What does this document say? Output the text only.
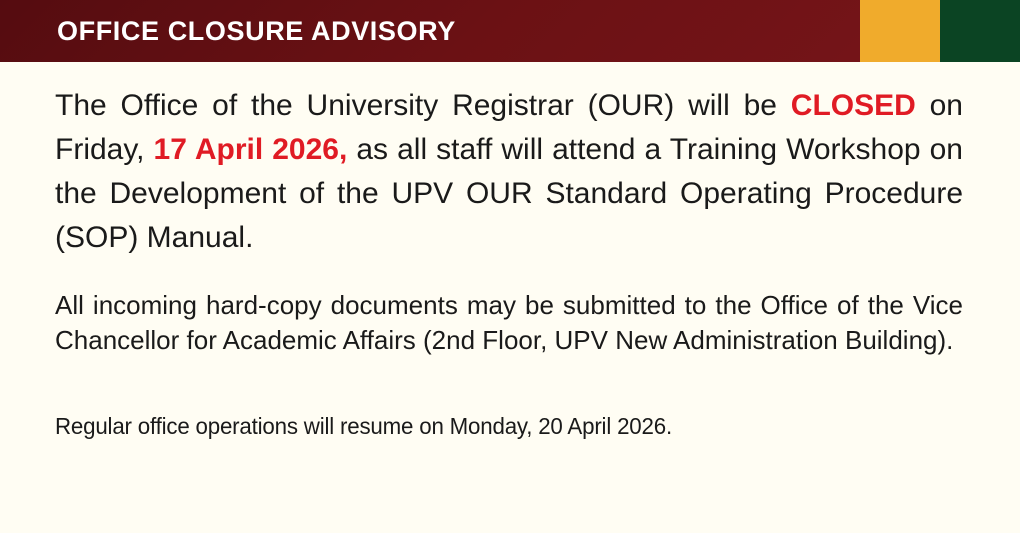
OFFICE CLOSURE ADVISORY

The Office of the University Registrar (OUR) will be CLOSED on Friday, 17 April 2026, as all staff will attend a Training Workshop on the Development of the UPV OUR Standard Operating Procedure (SOP) Manual.

All incoming hard-copy documents may be submitted to the Office of the Vice Chancellor for Academic Affairs (2nd Floor, UPV New Administration Building).

Regular office operations will resume on Monday, 20 April 2026.
